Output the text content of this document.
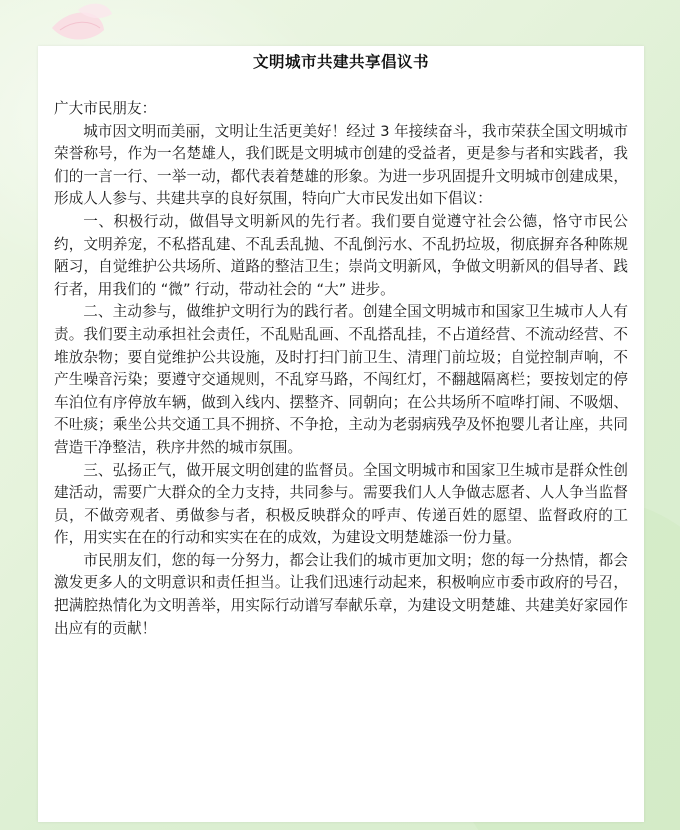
文明城市共建共享倡议书

广大市民朋友：

城市因文明而美丽，文明让生活更美好！经过 3 年接续奋斗，我市荣获全国文明城市荣誉称号，作为一名楚雄人，我们既是文明城市创建的受益者，更是参与者和实践者，我们的一言一行、一举一动，都代表着楚雄的形象。为进一步巩固提升文明城市创建成果，形成人人参与、共建共享的良好氛围，特向广大市民发出如下倡议：

一、积极行动，做倡导文明新风的先行者。我们要自觉遵守社会公德，恪守市民公约，文明养宠，不私搭乱建、不乱丢乱抛、不乱倒污水、不乱扔垃圾，彻底摒弃各种陈规陋习，自觉维护公共场所、道路的整洁卫生；崇尚文明新风，争做文明新风的倡导者、践行者，用我们的 “微” 行动，带动社会的 “大” 进步。

二、主动参与，做维护文明行为的践行者。创建全国文明城市和国家卫生城市人人有责。我们要主动承担社会责任，不乱贴乱画、不乱搭乱挂，不占道经营、不流动经营、不堆放杂物；要自觉维护公共设施，及时打扫门前卫生、清理门前垃圾；自觉控制声响，不产生噪音污染；要遵守交通规则，不乱穿马路，不闯红灯，不翻越隔离栏；要按划定的停车泊位有序停放车辆，做到入线内、摆整齐、同朝向；在公共场所不喧哗打闹、不吸烟、不吐痰；乘坐公共交通工具不拥挤、不争抢，主动为老弱病残孕及怀抱婴儿者让座，共同营造干净整洁，秩序井然的城市氛围。

三、弘扬正气，做开展文明创建的监督员。全国文明城市和国家卫生城市是群众性创建活动，需要广大群众的全力支持，共同参与。需要我们人人争做志愿者、人人争当监督员，不做旁观者、勇做参与者，积极反映群众的呼声、传递百姓的愿望、监督政府的工作，用实实在在的行动和实实在在的成效，为建设文明楚雄添一份力量。

市民朋友们，您的每一分努力，都会让我们的城市更加文明；您的每一分热情，都会激发更多人的文明意识和责任担当。让我们迅速行动起来，积极响应市委市政府的号召，把满腔热情化为文明善举，用实际行动谱写奉献乐章，为建设文明楚雄、共建美好家园作出应有的贡献！
